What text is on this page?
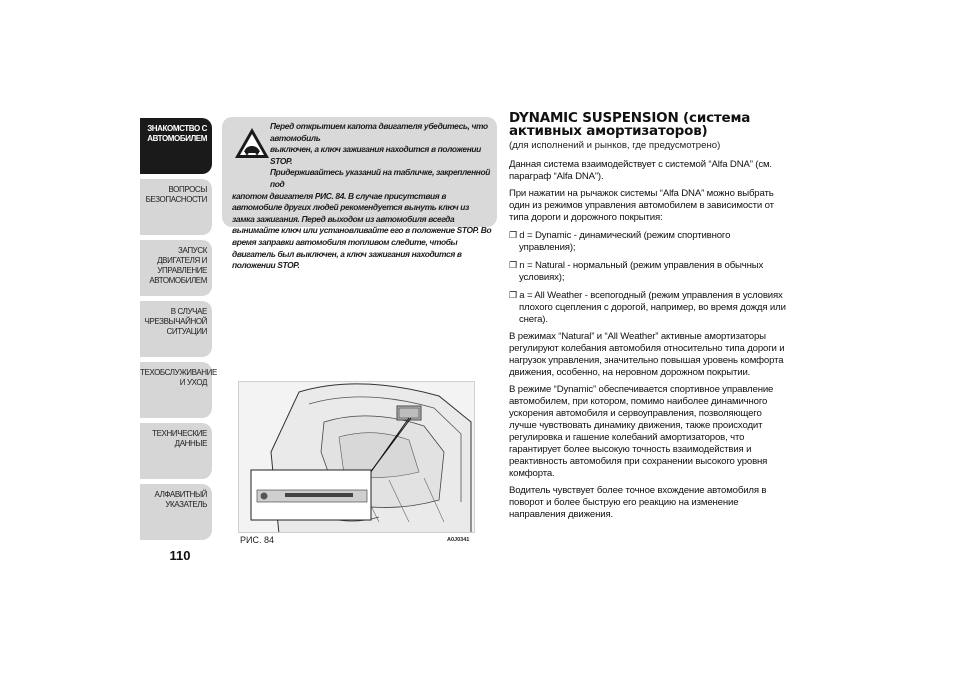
ЗНАКОМСТВО С
АВТОМОБИЛЕМ
ВОПРОСЫ
БЕЗОПАСНОСТИ
ЗАПУСК ДВИГАТЕЛЯ И
УПРАВЛЕНИЕ
АВТОМОБИЛЕМ
В СЛУЧАЕ
ЧРЕЗВЫЧАЙНОЙ
СИТУАЦИИ
ТЕХОБСЛУЖИВАНИЕ
И УХОД
ТЕХНИЧЕСКИЕ
ДАННЫЕ
АЛФАВИТНЫЙ
УКАЗАТЕЛЬ
110

Перед открытием капота двигателя убедитесь, что автомобиль
выключен, а ключ зажигания находится в положении STOP.
Придерживайтесь указаний на табличке, закрепленной под
капотом двигателя РИС. 84. В случае присутствия в автомобиле других людей рекомендуется вынуть ключ из замка зажигания. Перед выходом из автомобиля всегда вынимайте ключ или установливайте его в положение STOP. Во время заправки автомобиля топливом следите, чтобы двигатель был выключен, а ключ зажигания находится в положении STOP.

РИС. 84	A0J0341
DYNAMIC SUSPENSION (система
активных амортизаторов)
(для исполнений и рынков, где предусмотрено)

Данная система взаимодействует с системой “Alfa DNA” (см. параграф “Alfa DNA”).

При нажатии на рычажок системы “Alfa DNA” можно выбрать один из режимов управления автомобилем в зависимости от типа дороги и дорожного покрытия:

❐ d = Dynamic - динамический (режим спортивного управления);

❐ n = Natural - нормальный (режим управления в обычных условиях);

❐ a = All Weather - всепогодный (режим управления в условиях плохого сцепления с дорогой, например, во время дождя или снега).

В режимах “Natural” и “All Weather” активные амортизаторы регулируют колебания автомобиля относительно типа дороги и нагрузок управления, значительно повышая уровень комфорта движения, особенно, на неровном дорожном покрытии.

В режиме “Dynamic” обеспечивается спортивное управление автомобилем, при котором, помимо наиболее динамичного ускорения автомобиля и сервоуправления, позволяющего лучше чувствовать динамику движения, также происходит регулировка и гашение колебаний амортизаторов, что гарантирует более высокую точность взаимодействия и реактивность автомобиля при сохранении высокого уровня комфорта.

Водитель чувствует более точное вхождение автомобиля в поворот и более быструю его реакцию на изменение направления движения.
